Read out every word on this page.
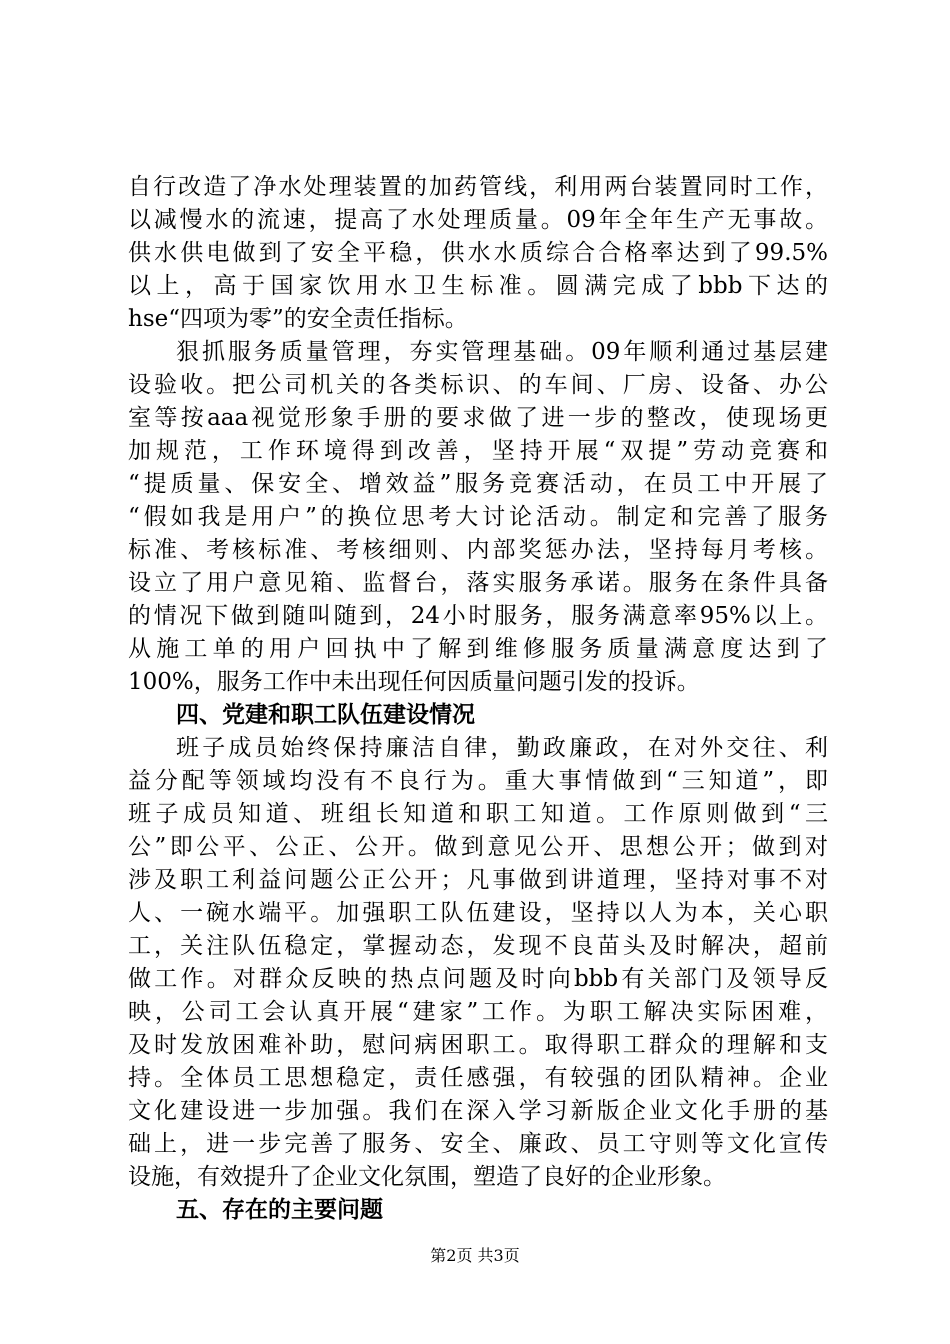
自行改造了净水处理装置的加药管线，利用两台装置同时工作，
以减慢水的流速，提高了水处理质量。09年全年生产无事故。
供水供电做到了安全平稳，供水水质综合合格率达到了99.5%
以上，高于国家饮用水卫生标准。圆满完成了bbb下达的
hse“四项为零”的安全责任指标。
狠抓服务质量管理，夯实管理基础。09年顺利通过基层建
设验收。把公司机关的各类标识、的车间、厂房、设备、办公
室等按aaa视觉形象手册的要求做了进一步的整改，使现场更
加规范，工作环境得到改善，坚持开展“双提”劳动竞赛和
“提质量、保安全、增效益”服务竞赛活动，在员工中开展了
“假如我是用户”的换位思考大讨论活动。制定和完善了服务
标准、考核标准、考核细则、内部奖惩办法，坚持每月考核。
设立了用户意见箱、监督台，落实服务承诺。服务在条件具备
的情况下做到随叫随到，24小时服务，服务满意率95%以上。
从施工单的用户回执中了解到维修服务质量满意度达到了
100%，服务工作中未出现任何因质量问题引发的投诉。
四、党建和职工队伍建设情况
班子成员始终保持廉洁自律，勤政廉政，在对外交往、利
益分配等领域均没有不良行为。重大事情做到“三知道”，即
班子成员知道、班组长知道和职工知道。工作原则做到“三
公”即公平、公正、公开。做到意见公开、思想公开；做到对
涉及职工利益问题公正公开；凡事做到讲道理，坚持对事不对
人、一碗水端平。加强职工队伍建设，坚持以人为本，关心职
工，关注队伍稳定，掌握动态，发现不良苗头及时解决，超前
做工作。对群众反映的热点问题及时向bbb有关部门及领导反
映，公司工会认真开展“建家”工作。为职工解决实际困难，
及时发放困难补助，慰问病困职工。取得职工群众的理解和支
持。全体员工思想稳定，责任感强，有较强的团队精神。企业
文化建设进一步加强。我们在深入学习新版企业文化手册的基
础上，进一步完善了服务、安全、廉政、员工守则等文化宣传
设施，有效提升了企业文化氛围，塑造了良好的企业形象。
五、存在的主要问题
第2页 共3页
